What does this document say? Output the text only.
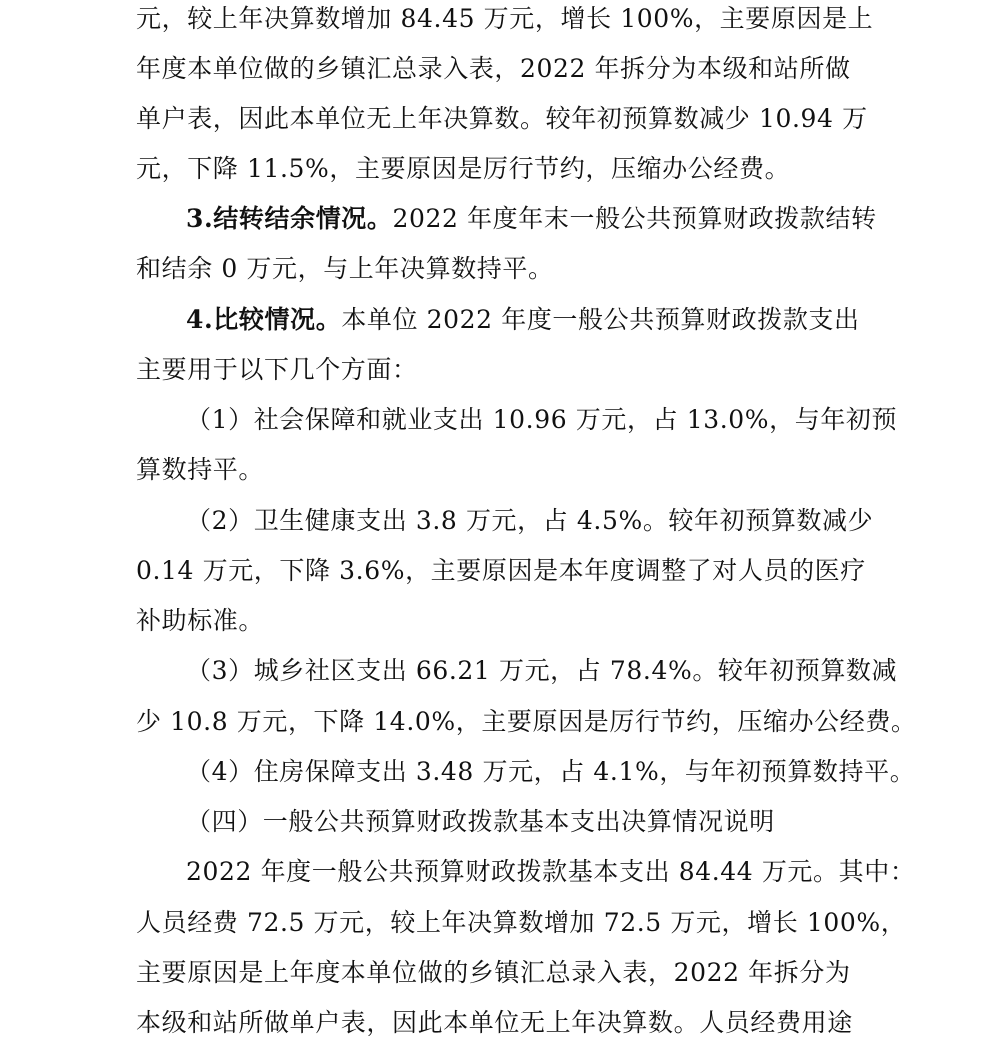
元，较上年决算数增加 84.45 万元，增长 100%，主要原因是上
年度本单位做的乡镇汇总录入表，2022 年拆分为本级和站所做
单户表，因此本单位无上年决算数。较年初预算数减少 10.94 万
元，下降 11.5%，主要原因是厉行节约，压缩办公经费。
3.结转结余情况。2022 年度年末一般公共预算财政拨款结转
和结余 0 万元，与上年决算数持平。
4.比较情况。本单位 2022 年度一般公共预算财政拨款支出
主要用于以下几个方面：
（1）社会保障和就业支出 10.96 万元，占 13.0%，与年初预
算数持平。
（2）卫生健康支出 3.8 万元，占 4.5%。较年初预算数减少
0.14 万元，下降 3.6%，主要原因是本年度调整了对人员的医疗
补助标准。
（3）城乡社区支出 66.21 万元，占 78.4%。较年初预算数减
少 10.8 万元，下降 14.0%，主要原因是厉行节约，压缩办公经费。
（4）住房保障支出 3.48 万元，占 4.1%，与年初预算数持平。
（四）一般公共预算财政拨款基本支出决算情况说明
2022 年度一般公共预算财政拨款基本支出 84.44 万元。其中：
人员经费 72.5 万元，较上年决算数增加 72.5 万元，增长 100%，
主要原因是上年度本单位做的乡镇汇总录入表，2022 年拆分为
本级和站所做单户表，因此本单位无上年决算数。人员经费用途
